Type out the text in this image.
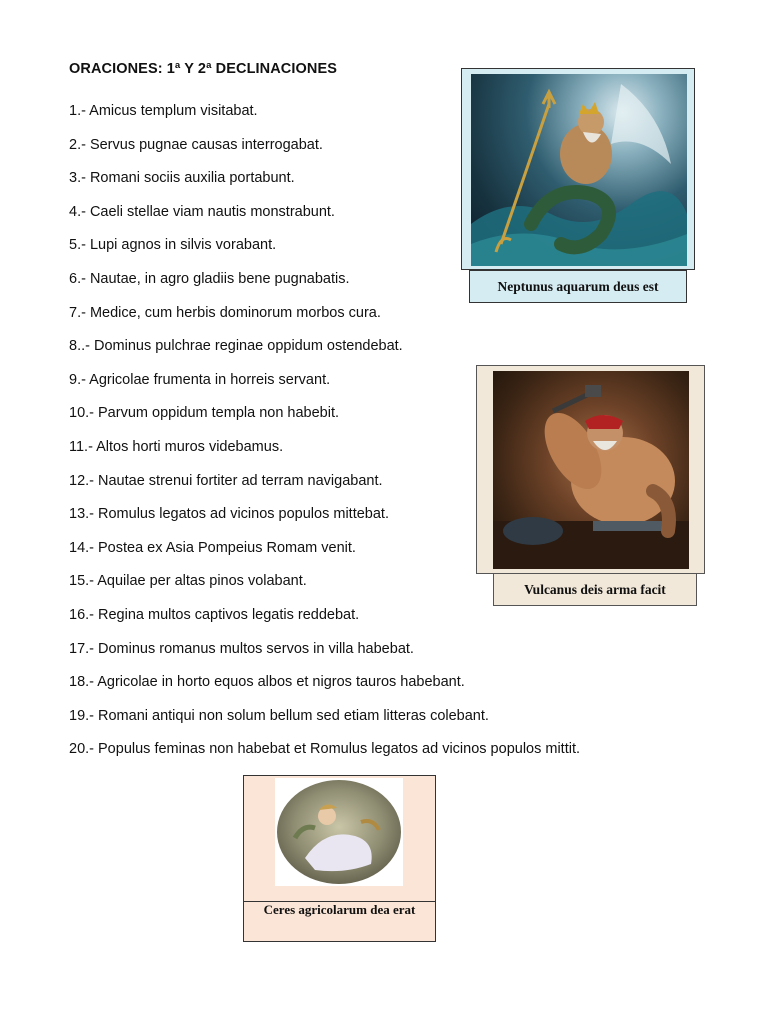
ORACIONES: 1ª Y 2ª DECLINACIONES
1.- Amicus templum visitabat.
2.- Servus pugnae causas interrogabat.
3.- Romani sociis auxilia portabunt.
4.- Caeli stellae viam nautis monstrabunt.
5.- Lupi agnos in silvis vorabant.
6.- Nautae, in agro gladiis bene pugnabatis.
7.- Medice, cum herbis dominorum morbos cura.
8..- Dominus pulchrae reginae oppidum ostendebat.
9.- Agricolae frumenta in horreis servant.
10.- Parvum oppidum templa non habebit.
11.- Altos horti muros videbamus.
12.- Nautae strenui fortiter ad terram navigabant.
13.- Romulus legatos ad vicinos populos mittebat.
14.- Postea ex Asia Pompeius Romam venit.
15.- Aquilae per altas pinos volabant.
16.- Regina multos captivos legatis reddebat.
17.- Dominus romanus multos servos in villa habebat.
18.- Agricolae in horto equos albos et nigros tauros habebant.
19.- Romani antiqui non solum bellum sed etiam litteras colebant.
20.- Populus feminas non habebat et Romulus legatos ad vicinos populos mittit.
Neptunus aquarum deus est
Vulcanus deis arma facit
Ceres agricolarum dea erat
